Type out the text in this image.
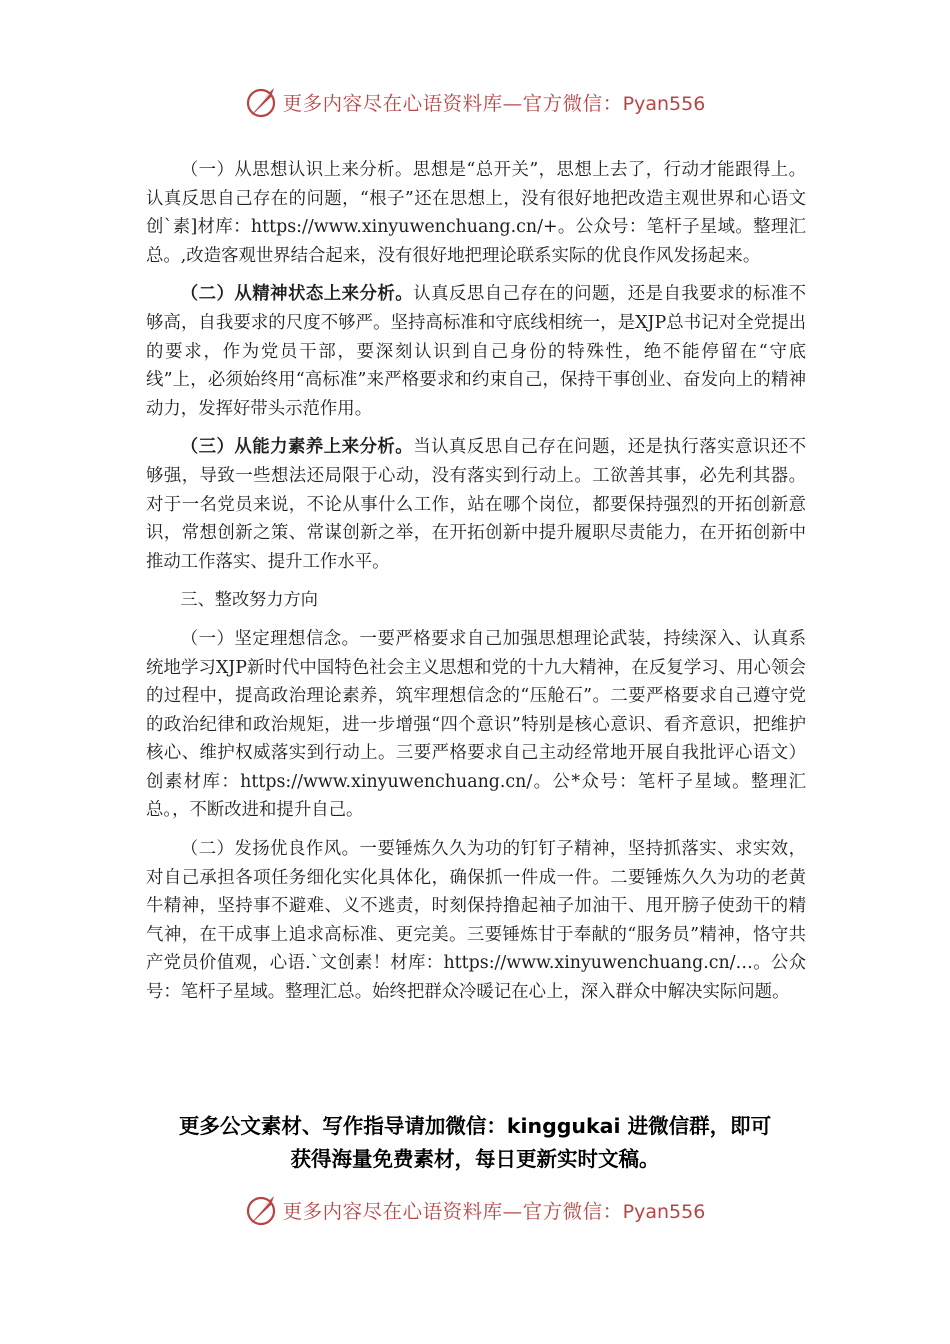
更多内容尽在心语资料库—官方微信：Pyan556

（一）从思想认识上来分析。思想是“总开关”，思想上去了，行动才能跟得上。认真反思自己存在的问题，“根子”还在思想上，没有很好地把改造主观世界和心语文创`素]材库：https://www.xinyuwenchuang.cn/+。公众号：笔杆子星域。整理汇总。,改造客观世界结合起来，没有很好地把理论联系实际的优良作风发扬起来。

（二）从精神状态上来分析。认真反思自己存在的问题，还是自我要求的标准不够高，自我要求的尺度不够严。坚持高标准和守底线相统一，是XJP总书记对全党提出的要求，作为党员干部，要深刻认识到自己身份的特殊性，绝不能停留在“守底线”上，必须始终用“高标准”来严格要求和约束自己，保持干事创业、奋发向上的精神动力，发挥好带头示范作用。

（三）从能力素养上来分析。当认真反思自己存在问题，还是执行落实意识还不够强，导致一些想法还局限于心动，没有落实到行动上。工欲善其事，必先利其器。对于一名党员来说，不论从事什么工作，站在哪个岗位，都要保持强烈的开拓创新意识，常想创新之策、常谋创新之举，在开拓创新中提升履职尽责能力，在开拓创新中推动工作落实、提升工作水平。

三、整改努力方向

（一）坚定理想信念。一要严格要求自己加强思想理论武装，持续深入、认真系统地学习XJP新时代中国特色社会主义思想和党的十九大精神，在反复学习、用心领会的过程中，提高政治理论素养，筑牢理想信念的“压舱石”。二要严格要求自己遵守党的政治纪律和政治规矩，进一步增强“四个意识”特别是核心意识、看齐意识，把维护核心、维护权威落实到行动上。三要严格要求自己主动经常地开展自我批评心语文）创素材库：https://www.xinyuwenchuang.cn/。公*众号：笔杆子星域。整理汇总。，不断改进和提升自己。

（二）发扬优良作风。一要锤炼久久为功的钉钉子精神，坚持抓落实、求实效，对自己承担各项任务细化实化具体化，确保抓一件成一件。二要锤炼久久为功的老黄牛精神，坚持事不避难、义不逃责，时刻保持撸起袖子加油干、甩开膀子使劲干的精气神，在干成事上追求高标准、更完美。三要锤炼甘于奉献的“服务员”精神，恪守共产党员价值观，心语.`文创素！材库：https://www.xinyuwenchuang.cn/…。公众号：笔杆子星域。整理汇总。始终把群众冷暖记在心上，深入群众中解决实际问题。

更多公文素材、写作指导请加微信：kinggukai 进微信群，即可
获得海量免费素材，每日更新实时文稿。
更多内容尽在心语资料库—官方微信：Pyan556
